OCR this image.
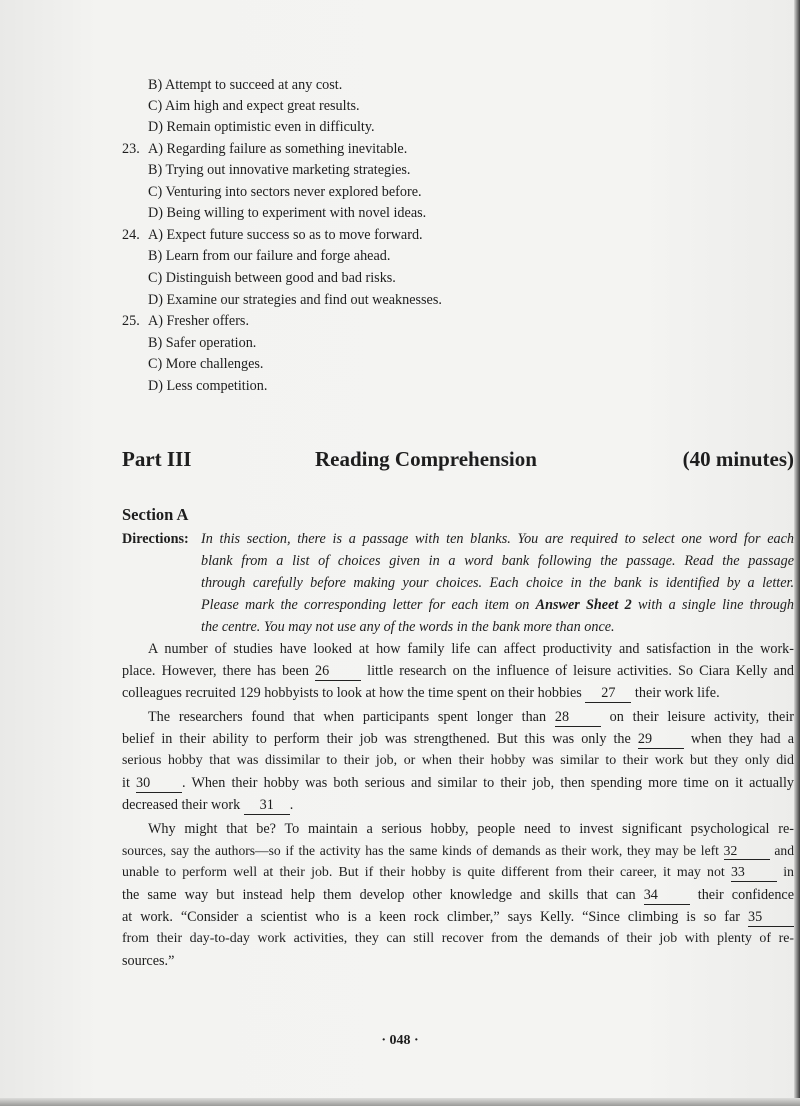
B) Attempt to succeed at any cost.
C) Aim high and expect great results.
D) Remain optimistic even in difficulty.
23. A) Regarding failure as something inevitable.
B) Trying out innovative marketing strategies.
C) Venturing into sectors never explored before.
D) Being willing to experiment with novel ideas.
24. A) Expect future success so as to move forward.
B) Learn from our failure and forge ahead.
C) Distinguish between good and bad risks.
D) Examine our strategies and find out weaknesses.
25. A) Fresher offers.
B) Safer operation.
C) More challenges.
D) Less competition.
Part III	Reading Comprehension	(40 minutes)
Section A
Directions: In this section, there is a passage with ten blanks. You are required to select one word for each
blank from a list of choices given in a word bank following the passage. Read the passage
through carefully before making your choices. Each choice in the bank is identified by a letter.
Please mark the corresponding letter for each item on Answer Sheet 2 with a single line through
the centre. You may not use any of the words in the bank more than once.
A number of studies have looked at how family life can affect productivity and satisfaction in the work-
place. However, there has been 26	little research on the influence of leisure activities. So Ciara Kelly and
colleagues recruited 129 hobbyists to look at how the time spent on their hobbies 27 their work life.
The researchers found that when participants spent longer than 28	on their leisure activity, their
belief in their ability to perform their job was strengthened. But this was only the 29	when they had a
serious hobby that was dissimilar to their job, or when their hobby was similar to their work but they only did
it 30 . When their hobby was both serious and similar to their job, then spending more time on it actually
decreased their work 31 .
Why might that be? To maintain a serious hobby, people need to invest significant psychological re-
sources, say the authors—so if the activity has the same kinds of demands as their work, they may be left 32	and
unable to perform well at their job. But if their hobby is quite different from their career, it may not 33	in
the same way but instead help them develop other knowledge and skills that can 34	their confidence
at work. “Consider a scientist who is a keen rock climber,” says Kelly. “Since climbing is so far 35
from their day-to-day work activities, they can still recover from the demands of their job with plenty of re-
sources.”
· 048 ·
